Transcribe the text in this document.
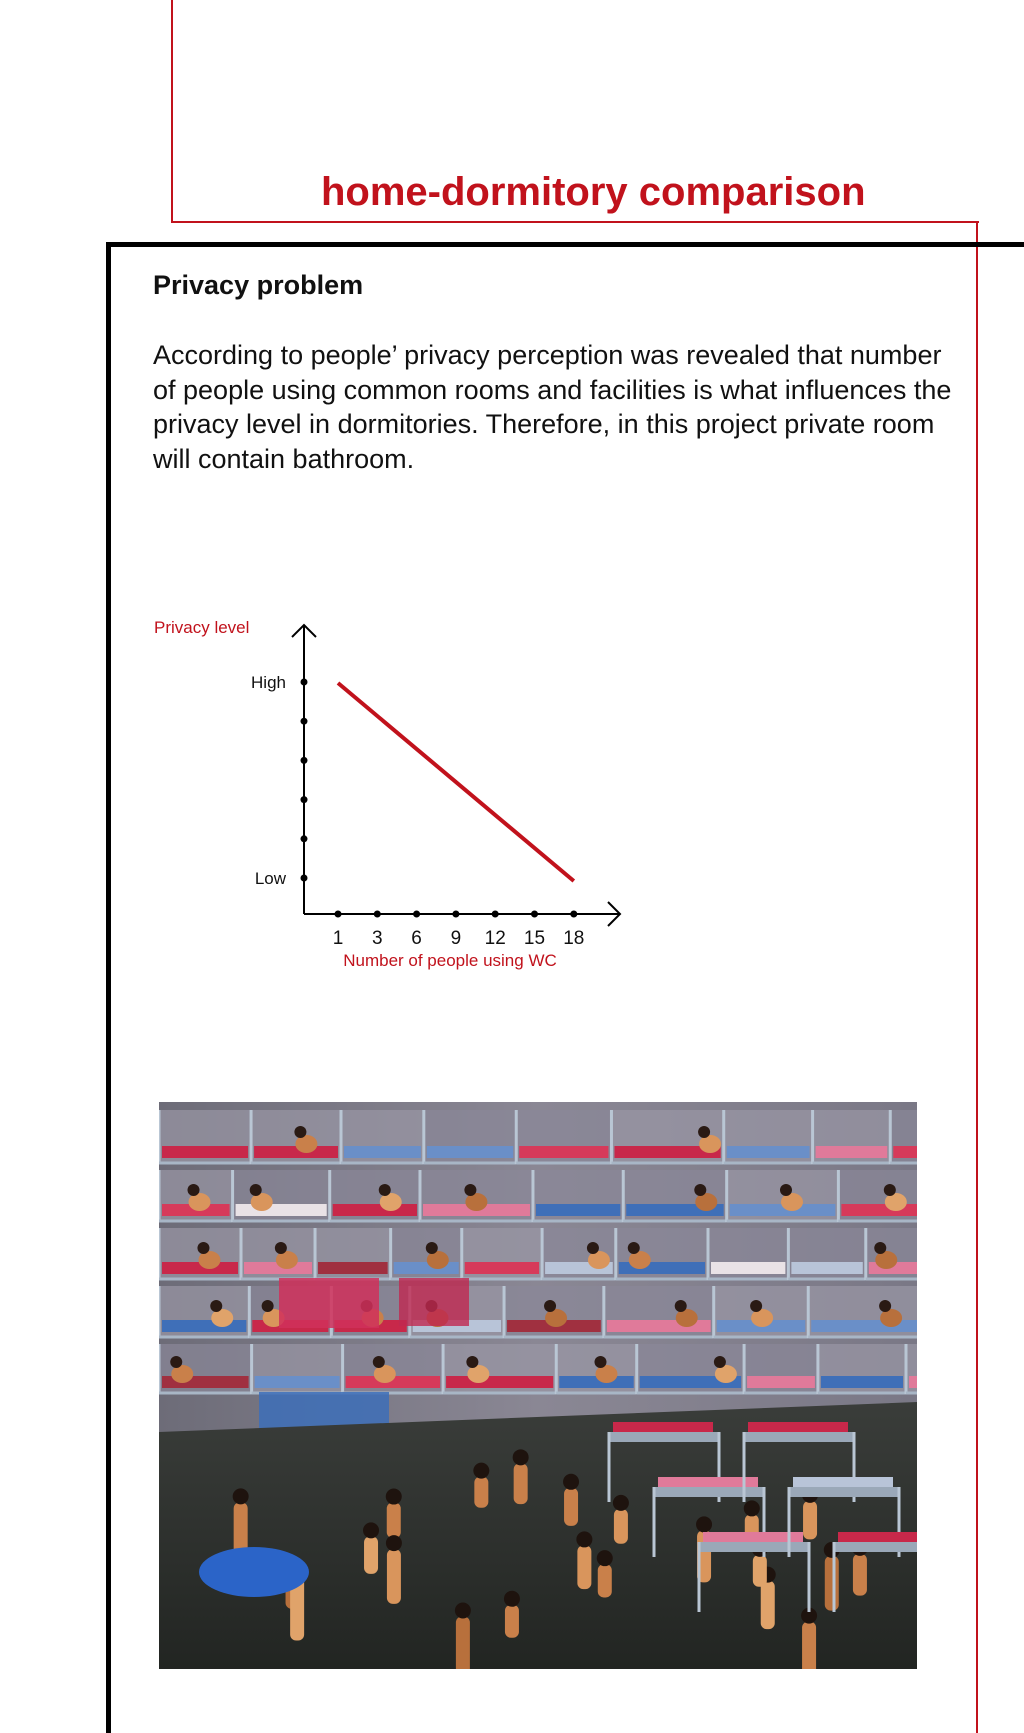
home-dormitory comparison
Privacy problem
According to people’ privacy perception was revealed that number of people using common rooms and facilities is what influences the privacy level in dormitories. Therefore, in this project private room will contain bathroom.
High
Low
Privacy level
1 3 6 9 12 15 18
Number of people using WC
